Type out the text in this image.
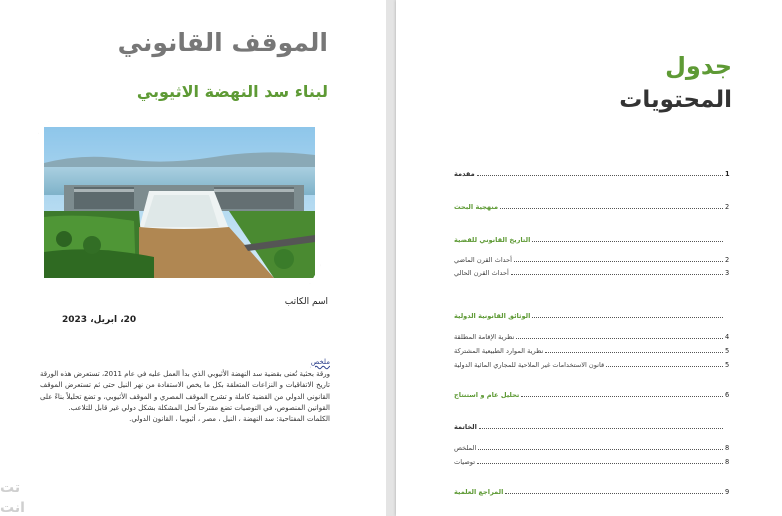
الموقف القانوني
لبناء سد النهضة الاثيوبي
اسم الكاتب
20، ابريل، 2023
ملخص

ورقة بحثية تُعنى بقضية سد النهضة الأثيوبي الذي بدأ العمل عليه في عام 2011، تستعرض هذه الورقة تاريخ الاتفاقيات و النزاعات المتعلقة بكل ما يخص الاستفادة من نهر النيل حتى ثم تستعرض الموقف القانوني الدولي من القضية كاملة و تشرح الموقف المصري و الموقف الأثيوبي، و تضع تحليلاً بناءً على القوانين المنصوص، في التوصيات تضع مقترحاً لحل المشكلة بشكل دولي غير قابل للتلاعب.

الكلمات المفتاحية: سد النهضة ، النيل ، مصر ، أثيوبيا ، القانون الدولي.

تت
انت
جدول
المحتويات
مقدمة	1
منهجية البحث	2
التاريخ القانوني للقضية
أحداث القرن الماضي	2
أحداث القرن الحالي	3
الوثائق القانونية الدولية
نظرية الإقامة المطلقة	4
نظرية الموارد الطبيعية المشتركة	5
قانون الاستخدامات غير الملاحية للمجاري المائية الدولية	5
تحليل عام و استنتاج	6
الخاتمة
الملخص	8
توصيات	8
المراجع العلمية	9
